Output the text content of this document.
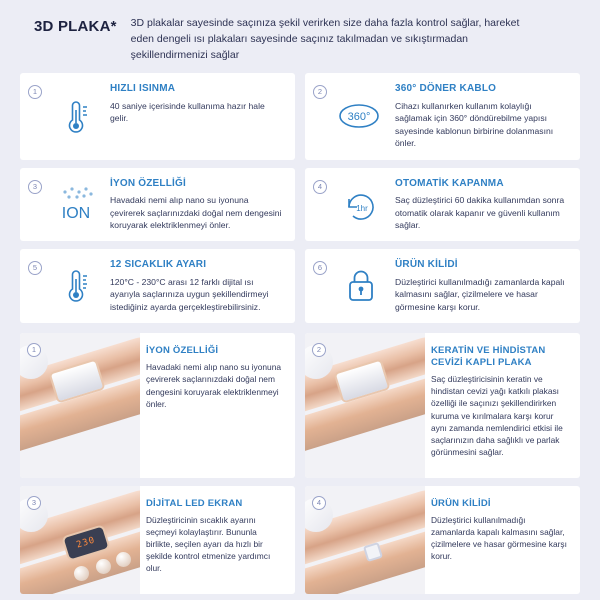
3D PLAKA* 3D plakalar sayesinde saçınıza şekil verirken size daha fazla kontrol sağlar, hareket eden dengeli ısı plakaları sayesinde saçınız takılmadan ve sıkıştırmadan şekillendirmenizi sağlar
1	HIZLI ISINMA
40 saniye içerisinde kullanıma hazır hale gelir.
2
360°
360° DÖNER KABLO
Cihazı kullanırken kullanım kolaylığı sağlamak için 360° döndürebilme yapısı sayesinde kablonun birbirine dolanmasını önler.
3
ION
İYON ÖZELLİĞİ
Havadaki nemi alıp nano su iyonuna çevirerek saçlarınızdaki doğal nem dengesini koruyarak elektriklenmeyi önler.
4
1hr
OTOMATİK KAPANMA
Saç düzleştirici 60 dakika kullanımdan sonra otomatik olarak kapanır ve güvenli kullanım sağlar.
5	12 SICAKLIK AYARI
120°C - 230°C arası 12 farklı dijital ısı ayarıyla saçlarınıza uygun şekillendirmeyi istediğiniz ayarda gerçekleştirebilirsiniz.
6	ÜRÜN KİLİDİ
Düzleştirici kullanılmadığı zamanlarda kapalı kalmasını sağlar, çizilmelere ve hasar görmesine karşı korur.
1	İYON ÖZELLİĞİ
Havadaki nemi alıp nano su iyonuna çevirerek saçlarınızdaki doğal nem dengesini koruyarak elektriklenmeyi önler.
2	KERATİN VE HİNDİSTAN CEVİZİ KAPLI PLAKA
Saç düzleştiricisinin keratin ve hindistan cevizi yağı katkılı plakası özelliği ile saçınızı şekillendirirken kuruma ve kırılmalara karşı korur aynı zamanda nemlendirici etkisi ile saçlarınızın daha sağlıklı ve parlak görünmesini sağlar.
3
230
DİJİTAL LED EKRAN
Düzleştiricinin sıcaklık ayarını seçmeyi kolaylaştırır. Bununla birlikte, seçilen ayarı da hızlı bir şekilde kontrol etmenize yardımcı olur.
4	ÜRÜN KİLİDİ
Düzleştirici kullanılmadığı zamanlarda kapalı kalmasını sağlar, çizilmelere ve hasar görmesine karşı korur.
